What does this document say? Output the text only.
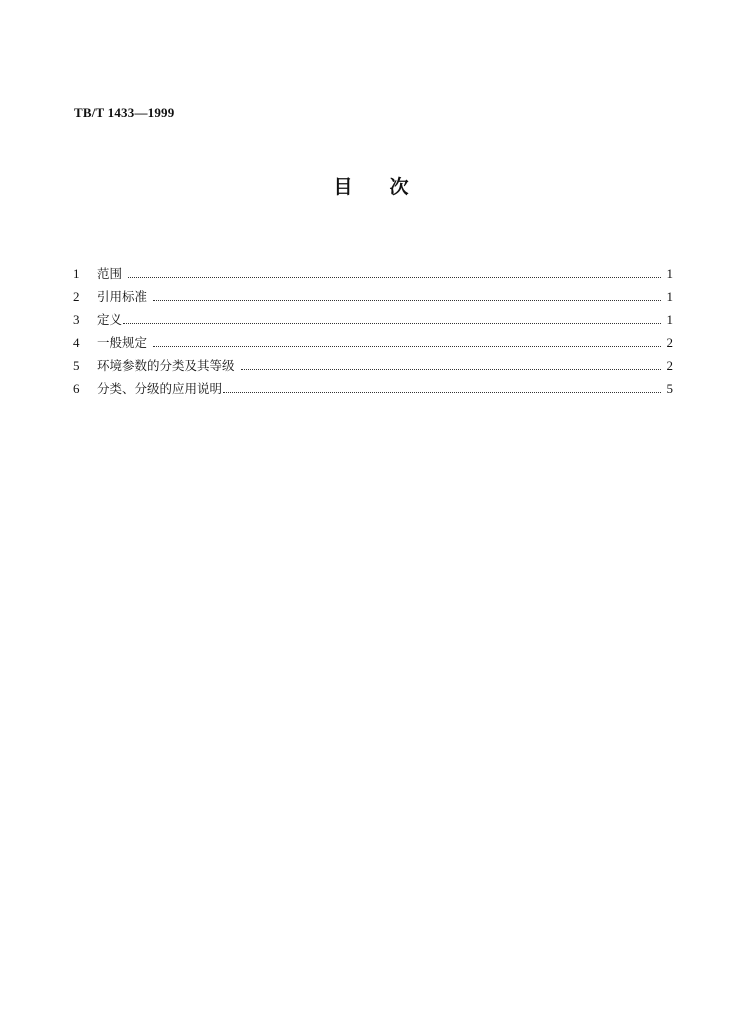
TB/T 1433—1999
目次
1	范围	1
2	引用标准	1
3	定义	1
4	一般规定	2
5	环境参数的分类及其等级	2
6	分类、分级的应用说明	5
